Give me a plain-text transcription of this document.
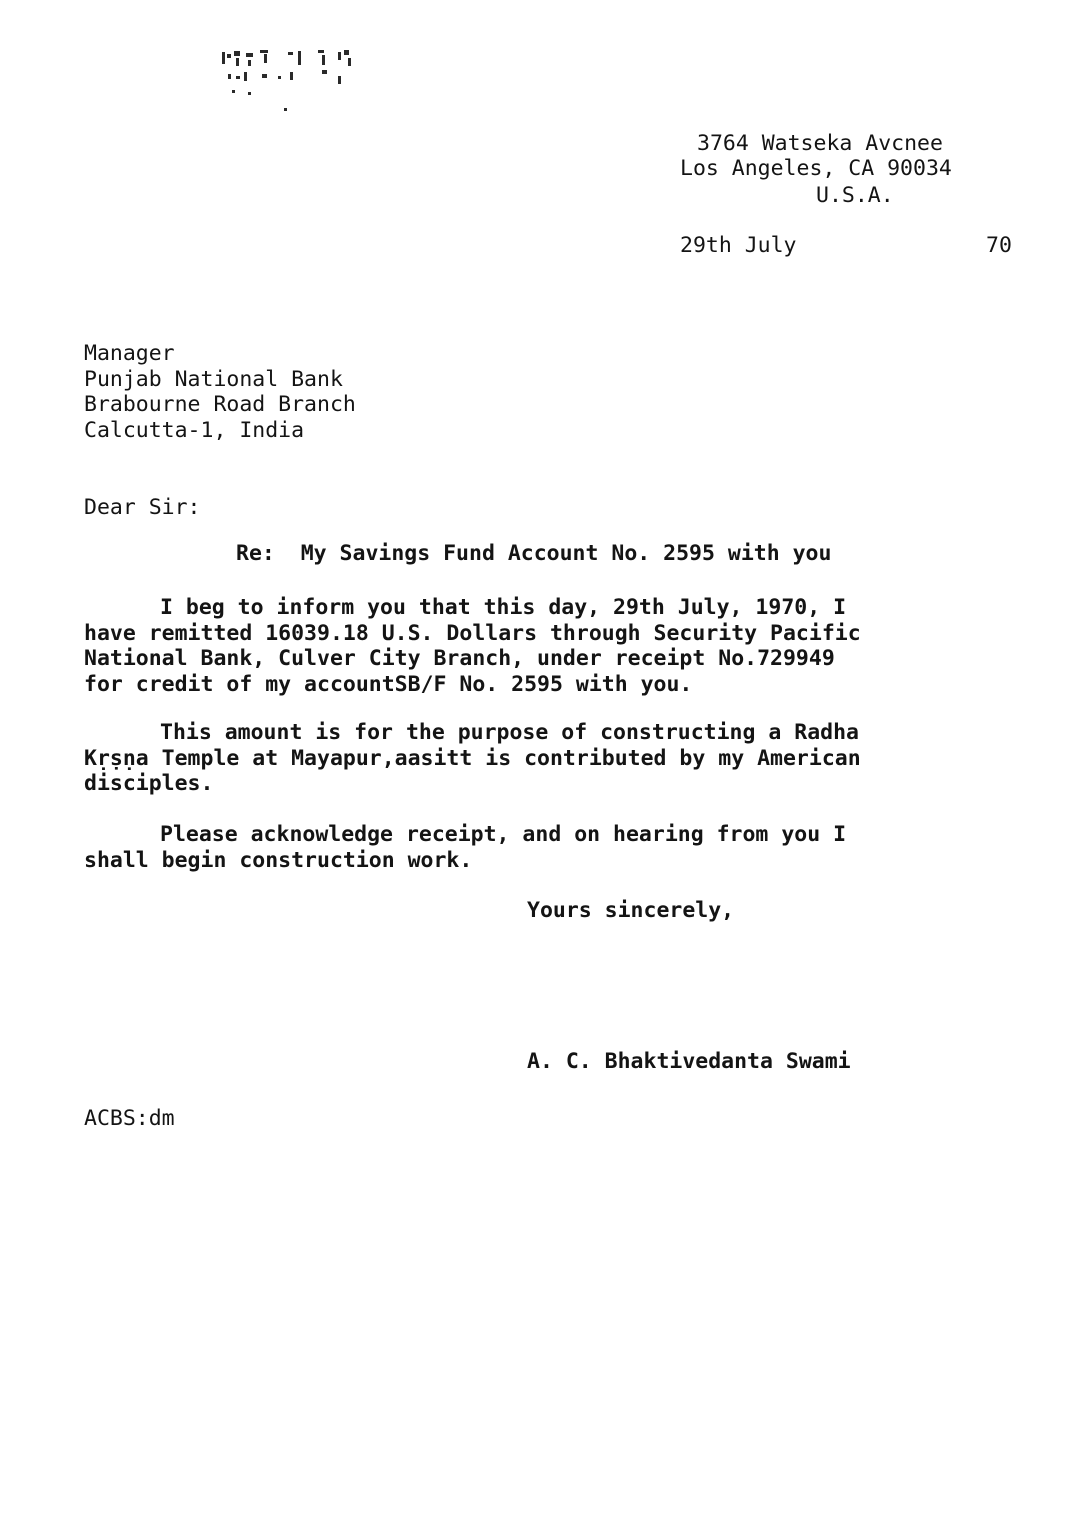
3764 Watseka Avcnee
Los Angeles, CA 90034
U.S.A.
29th July	70
Manager
Punjab National Bank
Brabourne Road Branch
Calcutta-1, India
Dear Sir:
Re:  My Savings Fund Account No. 2595 with you
I beg to inform you that this day, 29th July, 1970, I
have remitted 16039.18 U.S. Dollars through Security Pacific
National Bank, Culver City Branch, under receipt No.729949
for credit of my accountSB/F No. 2595 with you.
This amount is for the purpose of constructing a Radha
Kṛṣṇa Temple at Mayapur,aasitt is contributed by my American
disciples.
Please acknowledge receipt, and on hearing from you I
shall begin construction work.
Yours sincerely,
A. C. Bhaktivedanta Swami
ACBS:dm
